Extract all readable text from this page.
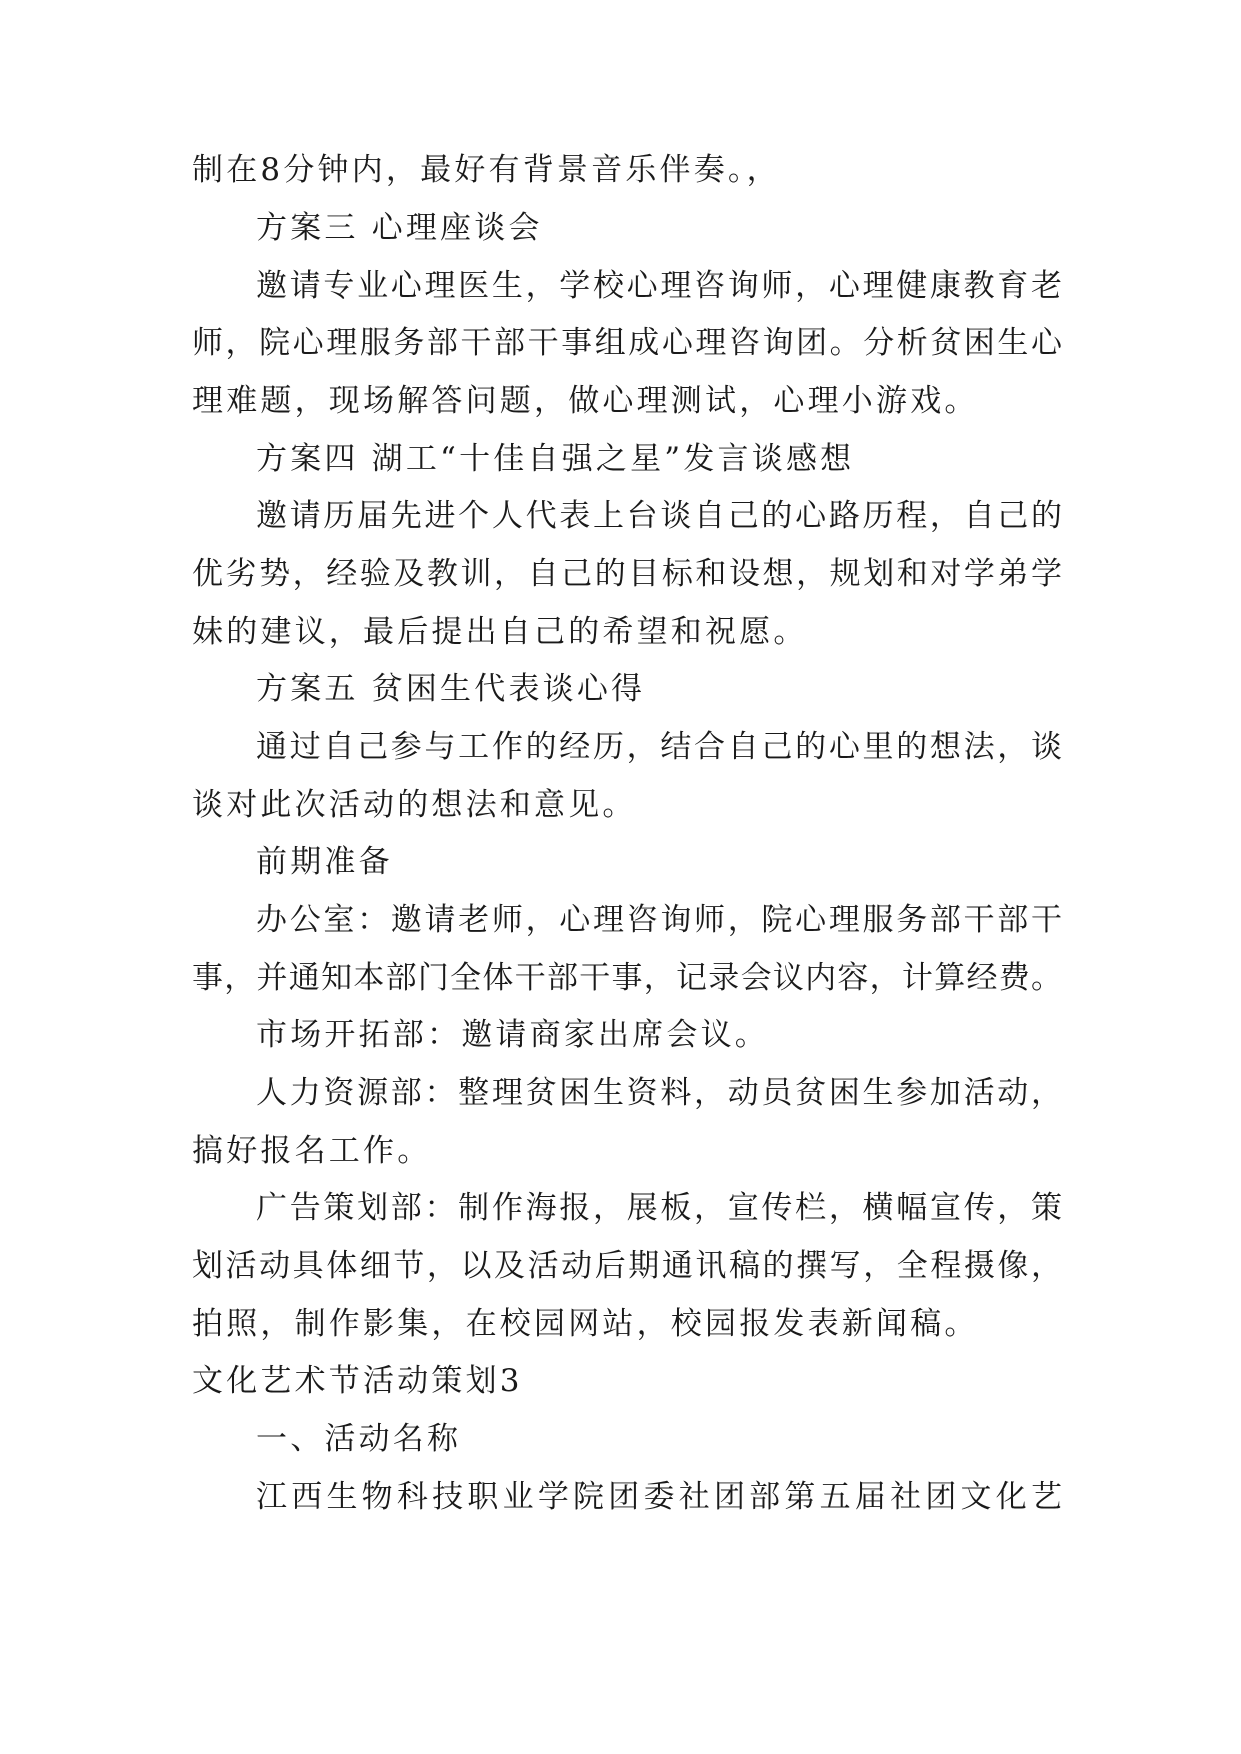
制在8分钟内，最好有背景音乐伴奏。，
方案三 心理座谈会
邀请专业心理医生，学校心理咨询师，心理健康教育老
师，院心理服务部干部干事组成心理咨询团。分析贫困生心
理难题，现场解答问题，做心理测试，心理小游戏。
方案四 湖工“十佳自强之星”发言谈感想
邀请历届先进个人代表上台谈自己的心路历程，自己的
优劣势，经验及教训，自己的目标和设想，规划和对学弟学
妹的建议，最后提出自己的希望和祝愿。
方案五 贫困生代表谈心得
通过自己参与工作的经历，结合自己的心里的想法，谈
谈对此次活动的想法和意见。
前期准备
办公室：邀请老师，心理咨询师，院心理服务部干部干
事，并通知本部门全体干部干事，记录会议内容，计算经费。
市场开拓部：邀请商家出席会议。
人力资源部：整理贫困生资料，动员贫困生参加活动，
搞好报名工作。
广告策划部：制作海报，展板，宣传栏，横幅宣传，策
划活动具体细节，以及活动后期通讯稿的撰写，全程摄像，
拍照，制作影集，在校园网站，校园报发表新闻稿。
文化艺术节活动策划3
一、活动名称
江西生物科技职业学院团委社团部第五届社团文化艺
